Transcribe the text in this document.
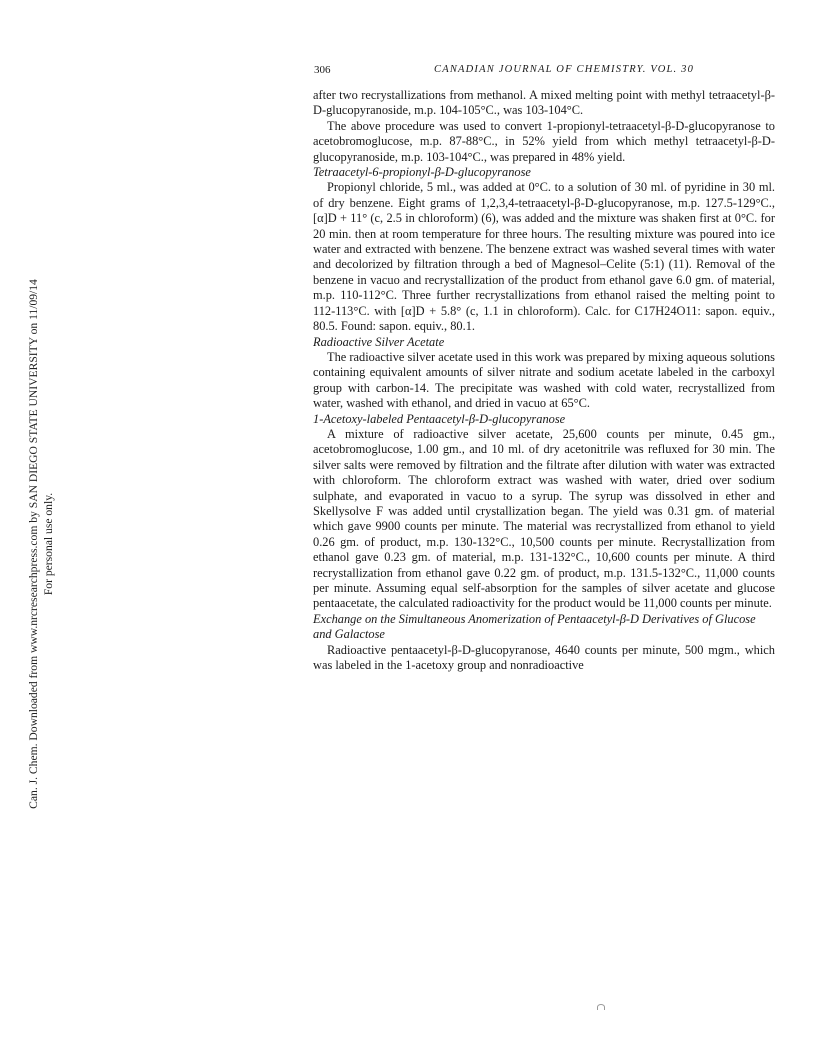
Can. J. Chem. Downloaded from www.nrcresearchpress.com by SAN DIEGO STATE UNIVERSITY on 11/09/14 For personal use only.
306	CANADIAN JOURNAL OF CHEMISTRY. VOL. 30

after two recrystallizations from methanol. A mixed melting point with methyl tetraacetyl-β-D-glucopyranoside, m.p. 104-105°C., was 103-104°C.

The above procedure was used to convert 1-propionyl-tetraacetyl-β-D-glucopyranose to acetobromoglucose, m.p. 87-88°C., in 52% yield from which methyl tetraacetyl-β-D-glucopyranoside, m.p. 103-104°C., was prepared in 48% yield.

Tetraacetyl-6-propionyl-β-D-glucopyranose

Propionyl chloride, 5 ml., was added at 0°C. to a solution of 30 ml. of pyridine in 30 ml. of dry benzene. Eight grams of 1,2,3,4-tetraacetyl-β-D-glucopyranose, m.p. 127.5-129°C., [α]D + 11° (c, 2.5 in chloroform) (6), was added and the mixture was shaken first at 0°C. for 20 min. then at room temperature for three hours. The resulting mixture was poured into ice water and extracted with benzene. The benzene extract was washed several times with water and decolorized by filtration through a bed of Magnesol–Celite (5:1) (11). Removal of the benzene in vacuo and recrystallization of the product from ethanol gave 6.0 gm. of material, m.p. 110-112°C. Three further recrystallizations from ethanol raised the melting point to 112-113°C. with [α]D + 5.8° (c, 1.1 in chloroform). Calc. for C17H24O11: sapon. equiv., 80.5. Found: sapon. equiv., 80.1.

Radioactive Silver Acetate

The radioactive silver acetate used in this work was prepared by mixing aqueous solutions containing equivalent amounts of silver nitrate and sodium acetate labeled in the carboxyl group with carbon-14. The precipitate was washed with cold water, recrystallized from water, washed with ethanol, and dried in vacuo at 65°C.

1-Acetoxy-labeled Pentaacetyl-β-D-glucopyranose

A mixture of radioactive silver acetate, 25,600 counts per minute, 0.45 gm., acetobromoglucose, 1.00 gm., and 10 ml. of dry acetonitrile was refluxed for 30 min. The silver salts were removed by filtration and the filtrate after dilution with water was extracted with chloroform. The chloroform extract was washed with water, dried over sodium sulphate, and evaporated in vacuo to a syrup. The syrup was dissolved in ether and Skellysolve F was added until crystallization began. The yield was 0.31 gm. of material which gave 9900 counts per minute. The material was recrystallized from ethanol to yield 0.26 gm. of product, m.p. 130-132°C., 10,500 counts per minute. Recrystallization from ethanol gave 0.23 gm. of material, m.p. 131-132°C., 10,600 counts per minute. A third recrystallization from ethanol gave 0.22 gm. of product, m.p. 131.5-132°C., 11,000 counts per minute. Assuming equal self-absorption for the samples of silver acetate and glucose pentaacetate, the calculated radioactivity for the product would be 11,000 counts per minute.

Exchange on the Simultaneous Anomerization of Pentaacetyl-β-D Derivatives of Glucose and Galactose

Radioactive pentaacetyl-β-D-glucopyranose, 4640 counts per minute, 500 mgm., which was labeled in the 1-acetoxy group and nonradioactive
